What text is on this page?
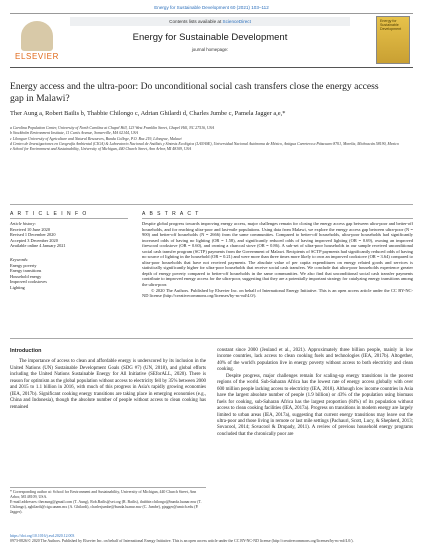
Energy for Sustainable Development 60 (2021) 103–112
ELSEVIER
Contents lists available at ScienceDirect
Energy for Sustainable Development
journal homepage:
Energy for Sustainable Development
Energy access and the ultra-poor: Do unconditional social cash transfers close the energy access gap in Malawi?
Ther Aung a, Robert Bailis b, Thabbie Chilongo c, Adrian Ghilardi d, Charles Jumbe c, Pamela Jagger a,e,*
a Carolina Population Center, University of North Carolina at Chapel Hill, 123 West Franklin Street, Chapel Hill, NC 27516, USA
b Stockholm Environment Institute, 11 Curtis Avenue, Somerville, MA 02144, USA
c Lilongwe University of Agriculture and Natural Resources, Bunda College, P.O. Box 219, Lilongwe, Malawi
d Centro de Investigaciones en Geografía Ambiental (CIGA) & Laboratorio Nacional de Análisis y Síntesis Ecológica (LANASE), Universidad Nacional Autónoma de México, Antigua Carretera a Pátzcuaro 8701, Morelia, Michoacán 58190, Mexico
e School for Environment and Sustainability, University of Michigan, 440 Church Street, Ann Arbor, MI 48109, USA
A R T I C L E I N F O	A B S T R A C T
Article history:
Received 10 June 2020
Revised 1 December 2020
Accepted 3 December 2020
Available online 4 January 2021
Keywords:
Energy poverty
Energy transitions
Household energy
Improved cookstoves
Lighting
Despite global progress towards improving energy access, major challenges remain for closing the energy access gap between ultra-poor and better-off households, and for reaching ultra-poor and last-mile populations. Using data from Malawi, we explore the energy access gap between ultra-poor (N = 900) and better-off households (N = 2666) from the same communities. Compared to better-off households, ultra-poor households had significantly increased odds of having no lighting (OR = 1.58), and significantly reduced odds of having improved lighting (OR = 0.69), owning an improved firewood cookstove (OR = 0.60), and owning a charcoal stove (OR = 0.86). A sub-set of ultra-poor households in our sample received unconditional social cash transfer program (SCTP) payments from the Government of Malawi. Recipients of SCTP payments had significantly reduced odds of having no source of lighting in the household (OR = 0.21) and were more than three times more likely to own an improved cookstove (OR = 3.64) compared to ultra-poor households that have not received payments. The absolute value of per capita expenditures on energy related goods and services is statistically significantly higher for ultra-poor households that receive social cash transfers. We conclude that ultra-poor households experience greater depth of energy poverty compared to better-off households in the same communities. We also find that unconditional social cash transfer payments contribute to improved energy access for the ultra-poor, suggesting that they are a potentially important strategy for catalyzing energy transitions among the ultra-poor.
© 2020 The Authors. Published by Elsevier Inc. on behalf of International Energy Initiative. This is an open access article under the CC BY-NC-ND license (http://creativecommons.org/licenses/by-nc-nd/4.0/).
Introduction

The importance of access to clean and affordable energy is underscored by its inclusion in the United Nations (UN) Sustainable Development Goals (SDG #7) (UN, 2018), and global efforts including the United Nations Sustainable Energy for All Initiative (SEforALL, 2020). There is reason for optimism as the global population without access to electricity fell by 35% between 2000 and 2015 to 1.1 billion in 2016, with much of this progress in Asia's rapidly growing economies (IEA, 2017b). Significant cooking energy transitions are taking place in emerging economies (e.g., China and Indonesia), though the absolute number of people without access to clean cooking has remained

constant since 2000 (Jeuland et al., 2021). Approximately three billion people, mainly in low income countries, lack access to clean cooking fuels and technologies (IEA, 2017b). Altogether, 40% of the world's population live in energy poverty without access to both electricity and clean cooking.

Despite progress, major challenges remain for scaling-up energy transitions in the poorest regions of the world. Sub-Saharan Africa has the lowest rate of energy access globally with over 600 million people lacking access to electricity (IEA, 2018). Although low income countries in Asia have the largest absolute number of people (1.9 billion) or 43% of the population using biomass fuels for cooking, sub-Saharan Africa has the largest proportion (84%) of its population without access to clean cooking facilities (IEA, 2017a). Progress on transitions in modern energy are largely limited to urban areas (IEA, 2017a), suggesting that current energy transitions may leave out the ultra-poor and those living in remote or last mile settings (Pachauri, Scott, Lucy, & Shepherd, 2013; Sovacool, 2014; Sovacool & Drupady, 2011). A review of previous household energy programs concluded that the chronically poor are

* Corresponding author at: School for Environment and Sustainability, University of Michigan, 440 Church Street, Ann Arbor, MI 48109, USA.
E-mail addresses: theraung@gmail.com (T. Aung), Rob.Bailis@sei.org (R. Bailis), thabbie.chilongo@bunda.luanar.mw (T. Chilongo), aghilardi@ciga.unam.mx (A. Ghilardi), charlesjumbe@bunda.luanar.mw (C. Jumbe), pjagger@umich.edu (P. Jagger).
https://doi.org/10.1016/j.esd.2020.12.003
0973-0826/© 2020 The Authors. Published by Elsevier Inc. on behalf of International Energy Initiative. This is an open access article under the CC BY-NC-ND license (http://creativecommons.org/licenses/by-nc-nd/4.0/).
